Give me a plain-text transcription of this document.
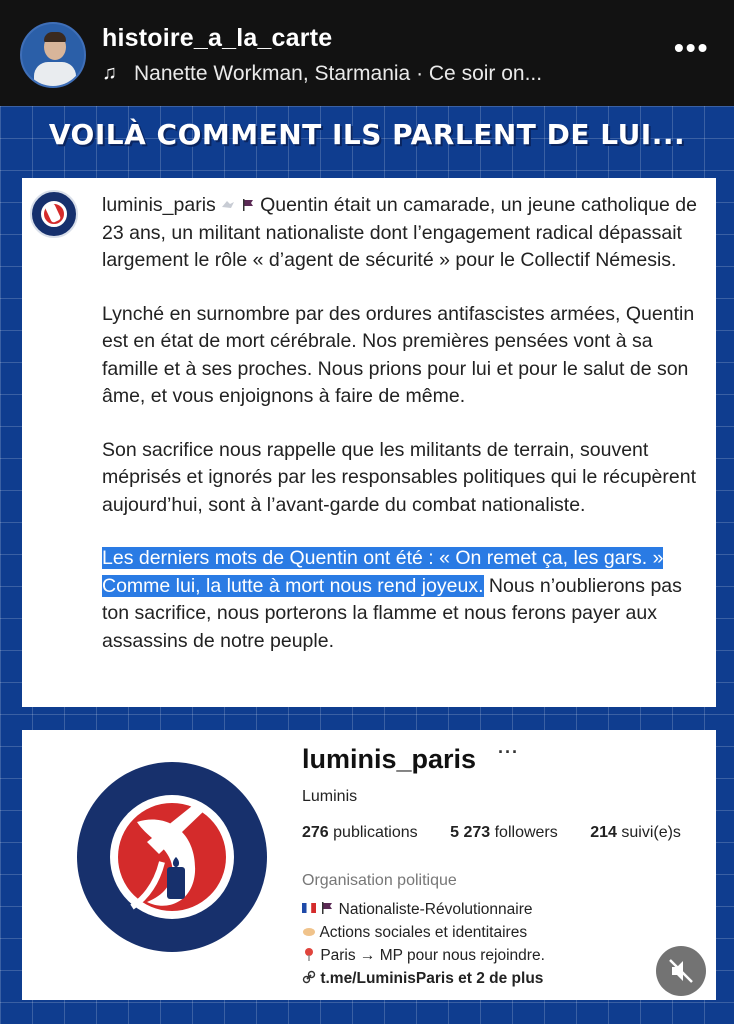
histoire_a_la_carte
♫ Nanette Workman, Starmania · Ce soir on...
•••
VOILÀ COMMENT ILS PARLENT DE LUI...

luminis_paris   Quentin était un camarade, un jeune catholique de 23 ans, un militant nationaliste dont l’engagement radical dépassait largement le rôle « d’agent de sécurité » pour le Collectif Némesis.

Lynché en surnombre par des ordures antifascistes armées, Quentin est en état de mort cérébrale. Nos premières pensées vont à sa famille et à ses proches. Nous prions pour lui et pour le salut de son âme, et vous enjoignons à faire de même.

Son sacrifice nous rappelle que les militants de terrain, souvent méprisés et ignorés par les responsables politiques qui le récupèrent aujourd’hui, sont à l’avant-garde du combat nationaliste.

Les derniers mots de Quentin ont été : « On remet ça, les gars. » Comme lui, la lutte à mort nous rend joyeux. Nous n’oublierons pas ton sacrifice, nous porterons la flamme et nous ferons payer aux assassins de notre peuple.

luminis_paris ···
Luminis
276 publications 5 273 followers 214 suivi(e)s
Organisation politique
Nationaliste-Révolutionnaire
Actions sociales et identitaires
Paris → MP pour nous rejoindre.
t.me/LuminisParis et 2 de plus
